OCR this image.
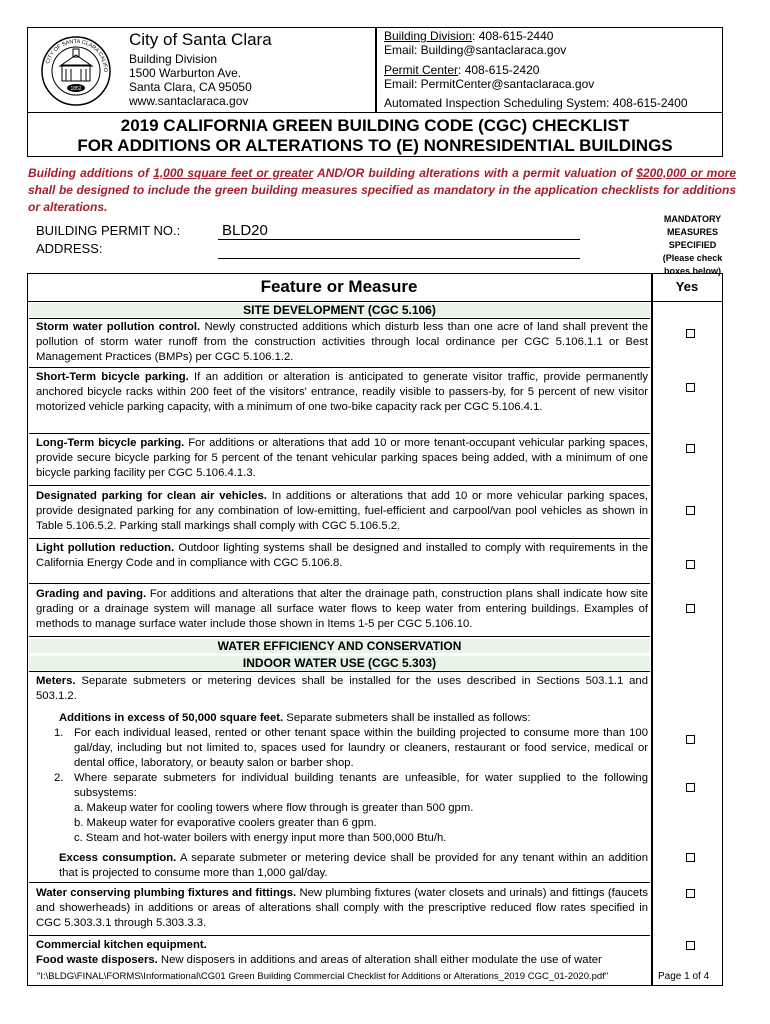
1852
CITY OF SANTA CLARA CALIFO
City of Santa Clara
Building Division
1500 Warburton Ave.
Santa Clara, CA 95050
www.santaclaraca.gov
Building Division: 408-615-2440
Email: Building@santaclaraca.gov
Permit Center: 408-615-2420
Email: PermitCenter@santaclaraca.gov
Automated Inspection Scheduling System: 408-615-2400
2019 CALIFORNIA GREEN BUILDING CODE (CGC) CHECKLIST
FOR ADDITIONS OR ALTERATIONS TO (E) NONRESIDENTIAL BUILDINGS
Building additions of 1,000 square feet or greater AND/OR building alterations with a permit valuation of $200,000 or more shall be designed to include the green building measures specified as mandatory in the application checklists for additions or alterations.
BUILDING PERMIT NO.:	BLD20
ADDRESS:
MANDATORY
MEASURES
SPECIFIED
(Please check
boxes below)
Feature or Measure	Yes
SITE DEVELOPMENT (CGC 5.106)
Storm water pollution control. Newly constructed additions which disturb less than one acre of land shall prevent the pollution of storm water runoff from the construction activities through local ordinance per CGC 5.106.1.1 or Best Management Practices (BMPs) per CGC 5.106.1.2.
Short-Term bicycle parking. If an addition or alteration is anticipated to generate visitor traffic, provide permanently anchored bicycle racks within 200 feet of the visitors' entrance, readily visible to passers-by, for 5 percent of new visitor motorized vehicle parking capacity, with a minimum of one two-bike capacity rack per CGC 5.106.4.1.
Long-Term bicycle parking. For additions or alterations that add 10 or more tenant-occupant vehicular parking spaces, provide secure bicycle parking for 5 percent of the tenant vehicular parking spaces being added, with a minimum of one bicycle parking facility per CGC 5.106.4.1.3.
Designated parking for clean air vehicles. In additions or alterations that add 10 or more vehicular parking spaces, provide designated parking for any combination of low-emitting, fuel-efficient and carpool/van pool vehicles as shown in Table 5.106.5.2. Parking stall markings shall comply with CGC 5.106.5.2.
Light pollution reduction. Outdoor lighting systems shall be designed and installed to comply with requirements in the California Energy Code and in compliance with CGC 5.106.8.
Grading and paving. For additions and alterations that alter the drainage path, construction plans shall indicate how site grading or a drainage system will manage all surface water flows to keep water from entering buildings. Examples of methods to manage surface water include those shown in Items 1-5 per CGC 5.106.10.
WATER EFFICIENCY AND CONSERVATION
INDOOR WATER USE (CGC 5.303)
Meters. Separate submeters or metering devices shall be installed for the uses described in Sections 503.1.1 and 503.1.2.
Additions in excess of 50,000 square feet. Separate submeters shall be installed as follows:
1. For each individual leased, rented or other tenant space within the building projected to consume more than 100 gal/day, including but not limited to, spaces used for laundry or cleaners, restaurant or food service, medical or dental office, laboratory, or beauty salon or barber shop.
2. Where separate submeters for individual building tenants are unfeasible, for water supplied to the following subsystems:
a. Makeup water for cooling towers where flow through is greater than 500 gpm.
b. Makeup water for evaporative coolers greater than 6 gpm.
c. Steam and hot-water boilers with energy input more than 500,000 Btu/h.
Excess consumption. A separate submeter or metering device shall be provided for any tenant within an addition that is projected to consume more than 1,000 gal/day.
Water conserving plumbing fixtures and fittings. New plumbing fixtures (water closets and urinals) and fittings (faucets and showerheads) in additions or areas of alterations shall comply with the prescriptive reduced flow rates specified in CGC 5.303.3.1 through 5.303.3.3.
Commercial kitchen equipment.
Food waste disposers. New disposers in additions and areas of alteration shall either modulate the use of water
"I:\BLDG\FINAL\FORMS\Informational\CG01 Green Building Commercial Checklist for Additions or Alterations_2019 CGC_01-2020.pdf"	Page 1 of 4
